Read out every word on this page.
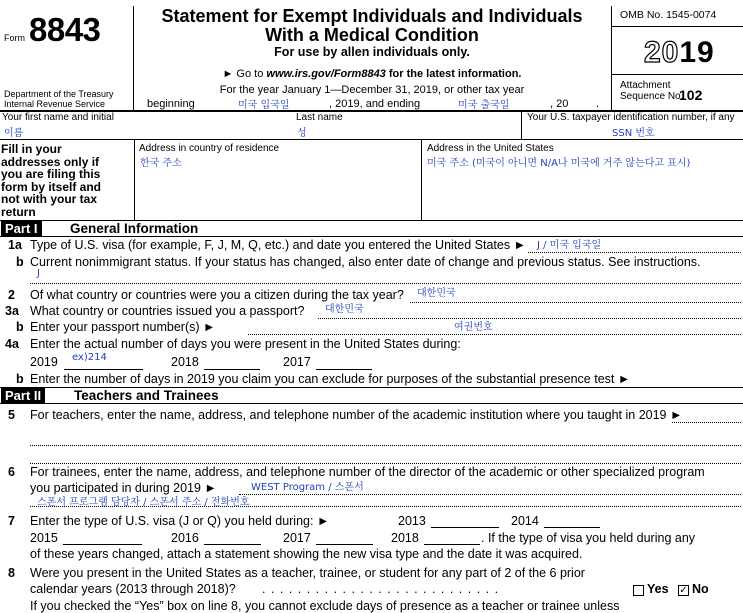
Form 8843
Department of the Treasury
Internal Revenue Service
Statement for Exempt Individuals and Individuals
With a Medical Condition
For use by allen individuals only.
► Go to www.irs.gov/Form8843 for the latest information.
For the year January 1—December 31, 2019, or other tax year
beginning	미국 입국일	, 2019, and ending	미국 출국일	, 20	.
OMB No. 1545-0074
2019
Attachment
Sequence No.
102
Your first name and initial
이름
Last name
성
Your U.S. taxpayer identification number, if any
SSN 번호
Fill in your
addresses only if
you are filing this
form by itself and
not with your tax
return
Address in country of residence
한국 주소
Address in the United States
미국 주소 (미국이 아니면 N/A나 미국에 거주 않는다고 표시)
Part I General Information
1a Type of U.S. visa (for example, F, J, M, Q, etc.) and date you entered the United States ► J / 미국 입국일
b Current nonimmigrant status. If your status has changed, also enter date of change and previous status. See instructions.
J
2 Of what country or countries were you a citizen during the tax year? 대한민국
3a What country or countries issued you a passport? 대한민국
b Enter your passport number(s) ►	여권번호
4a Enter the actual number of days you were present in the United States during:
2019 ex)214	2018	2017
b Enter the number of days in 2019 you claim you can exclude for purposes of the substantial presence test ►
Part II Teachers and Trainees
5 For teachers, enter the name, address, and telephone number of the academic institution where you taught in 2019 ►
6 For trainees, enter the name, address, and telephone number of the director of the academic or other specialized program
you participated in during 2019 ►	WEST Program / 스폰서
스폰서 프로그램 담당자 / 스폰서 주소 / 전화번호
7 Enter the type of U.S. visa (J or Q) you held during: ►	2013	2014
2015	2016	2017	2018	. If the type of visa you held during any
of these years changed, attach a statement showing the new visa type and the date it was acquired.
8 Were you present in the United States as a teacher, trainee, or student for any part of 2 of the 6 prior
calendar years (2013 through 2018)? . . . . . . . . . . . . . . . . . . . . . . . . . . .	Yes ✓ No
If you checked the “Yes” box on line 8, you cannot exclude days of presence as a teacher or trainee unless
